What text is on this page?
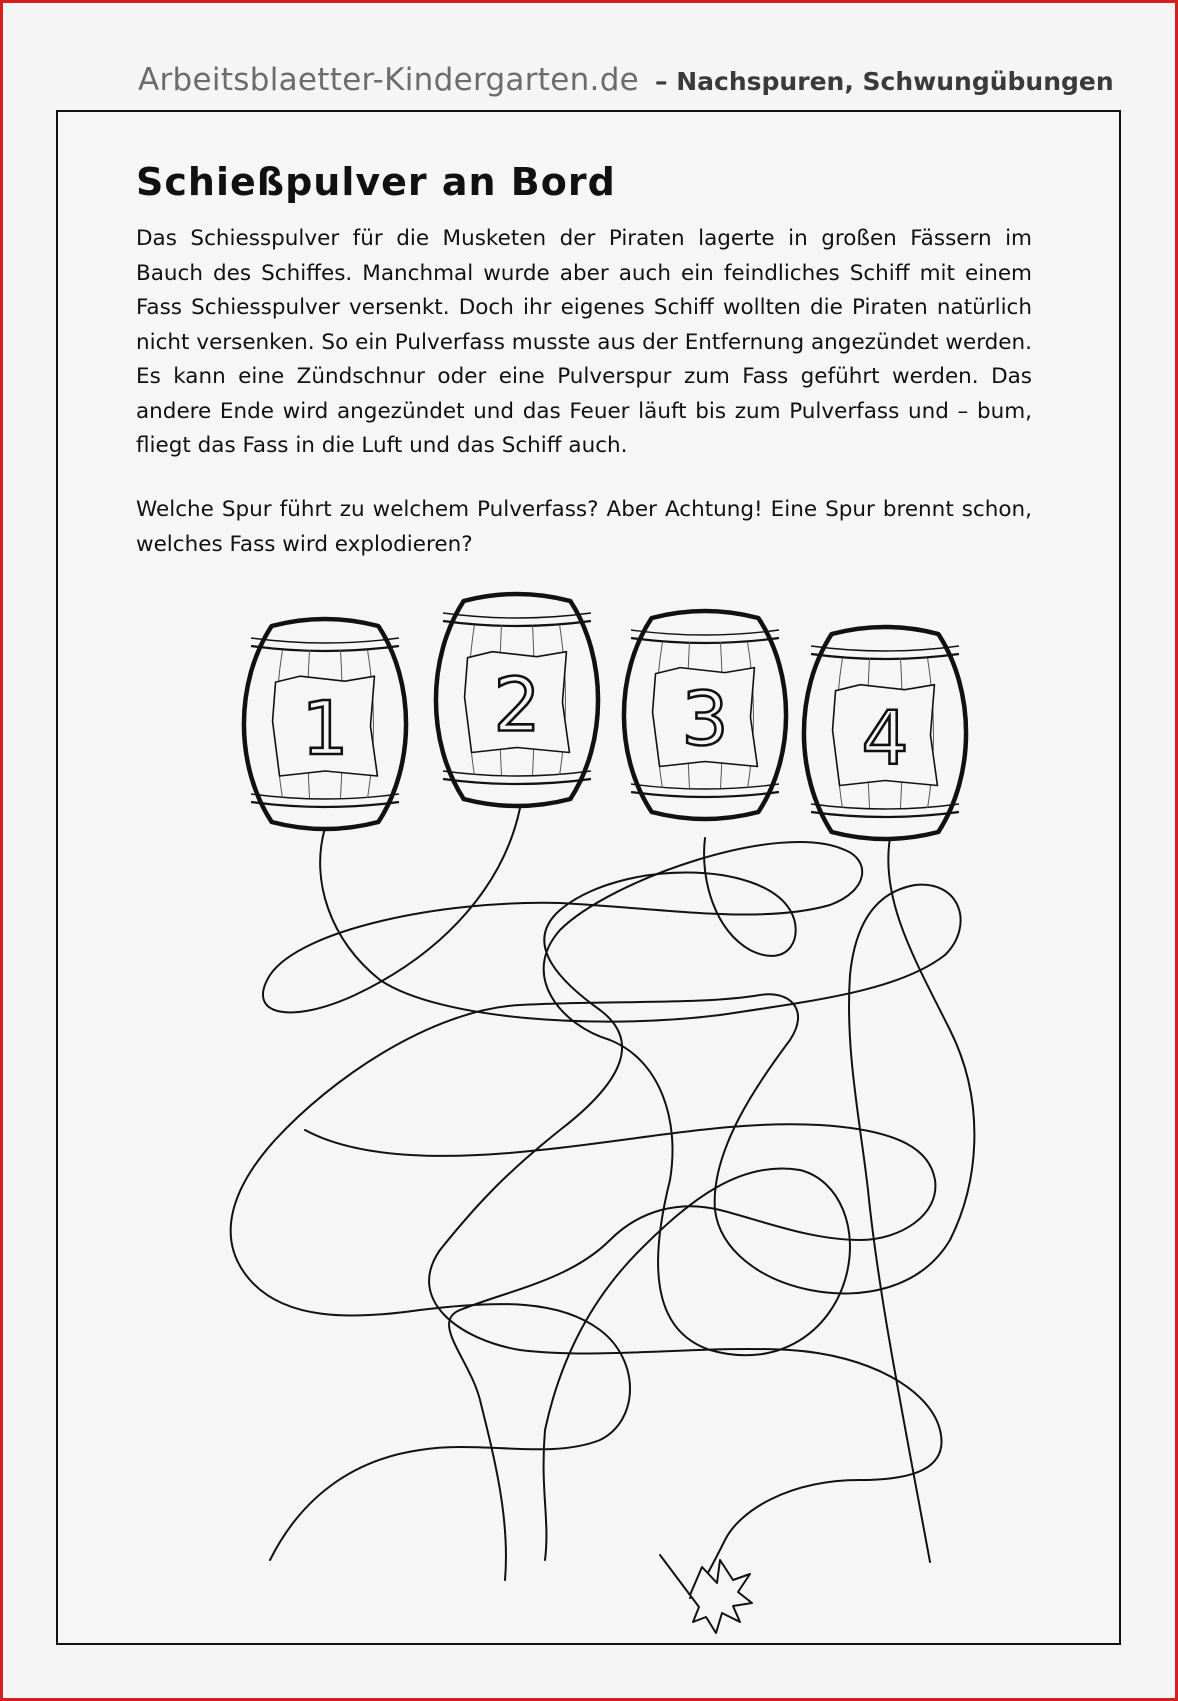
Arbeitsblaetter-Kindergarten.de – Nachspuren, Schwungübungen
Schießpulver an Bord

Das Schiesspulver für die Musketen der Piraten lagerte in großen Fässern im Bauch des Schiffes. Manchmal wurde aber auch ein feindliches Schiff mit einem Fass Schiesspulver versenkt. Doch ihr eigenes Schiff wollten die Piraten natürlich nicht versenken. So ein Pulverfass musste aus der Entfernung angezündet werden. Es kann eine Zündschnur oder eine Pulverspur zum Fass geführt werden. Das andere Ende wird angezündet und das Feuer läuft bis zum Pulverfass und – bum, fliegt das Fass in die Luft und das Schiff auch.

Welche Spur führt zu welchem Pulverfass? Aber Achtung! Eine Spur brennt schon, welches Fass wird explodieren?

1 2 3 4
